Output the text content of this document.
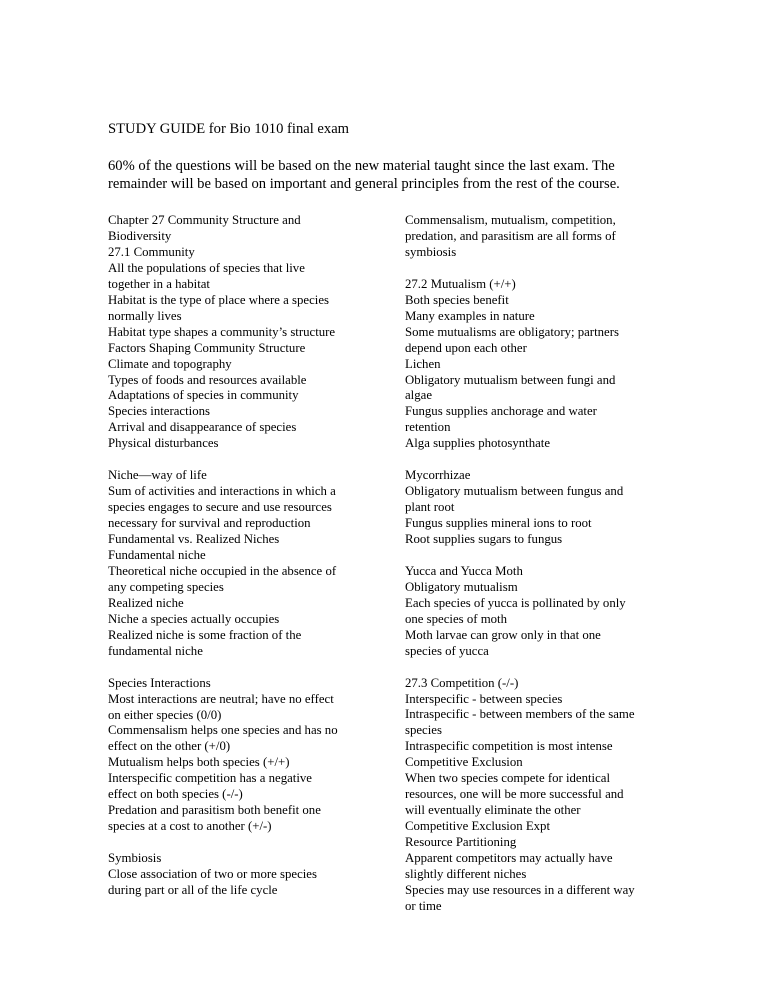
STUDY GUIDE for Bio 1010 final exam
60% of the questions will be based on the new material taught since the last exam. The
remainder will be based on important and general principles from the rest of the course.
Chapter 27 Community Structure and
Biodiversity
27.1 Community
All the populations of species that live
together in a habitat
Habitat is the type of place where a species
normally lives
Habitat type shapes a community’s structure
Factors Shaping Community Structure
Climate and topography
Types of foods and resources available
Adaptations of species in community
Species interactions
Arrival and disappearance of species
Physical disturbances
Niche—way of life
Sum of activities and interactions in which a
species engages to secure and use resources
necessary for survival and reproduction
Fundamental vs. Realized Niches
Fundamental niche
Theoretical niche occupied in the absence of
any competing species
Realized niche
Niche a species actually occupies
Realized niche is some fraction of the
fundamental niche
Species Interactions
Most interactions are neutral; have no effect
on either species (0/0)
Commensalism helps one species and has no
effect on the other (+/0)
Mutualism helps both species (+/+)
Interspecific competition has a negative
effect on both species (-/-)
Predation and parasitism both benefit one
species at a cost to another (+/-)
Symbiosis
Close association of two or more species
during part or all of the life cycle
Commensalism, mutualism, competition,
predation, and parasitism are all forms of
symbiosis
27.2 Mutualism (+/+)
Both species benefit
Many examples in nature
Some mutualisms are obligatory; partners
depend upon each other
Lichen
Obligatory mutualism between fungi and
algae
Fungus supplies anchorage and water
retention
Alga supplies photosynthate
Mycorrhizae
Obligatory mutualism between fungus and
plant root
Fungus supplies mineral ions to root
Root supplies sugars to fungus
Yucca and Yucca Moth
Obligatory mutualism
Each species of yucca is pollinated by only
one species of moth
Moth larvae can grow only in that one
species of yucca
27.3 Competition (-/-)
Interspecific - between species
Intraspecific - between members of the same
species
Intraspecific competition is most intense
Competitive Exclusion
When two species compete for identical
resources, one will be more successful and
will eventually eliminate the other
Competitive Exclusion Expt
Resource Partitioning
Apparent competitors may actually have
slightly different niches
Species may use resources in a different way
or time
